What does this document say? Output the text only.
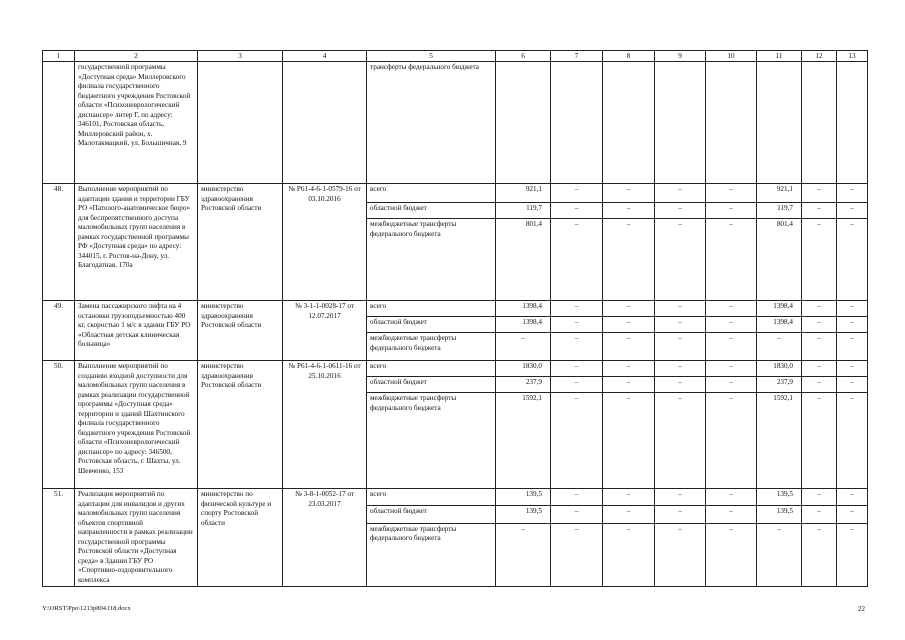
1	2	3	4	5	6	7	8	9	10	11	12	13
	государственной программы «Доступная среда» Миллеровского филиала государственного бюджетного учреждения Ростовской области «Психоневрологический диспансер» литер Г, по адресу: 346101, Ростовская область, Миллеровский район, х. Малотакмацкий, ул. Большичная, 9			трансферты федерального бюджета								
48.	Выполнение мероприятий по адаптации здания и территории ГБУ РО «Патолого-анатомическое бюро» для беспрепятственного доступа маломобильных групп населения в рамках государственной программы РФ «Доступная среда» по адресу: 344015, г. Ростов-на-Дону, ул. Благодатная, 170а	министерство здравоохранения Ростовской области	№ Р61-4-6-1-0579-16 от 03.10.2016	всего	921,1	–	–	–	–	921,1	–	–
				областной бюджет	119,7	–	–	–	–	119,7	–	–
				межбюджетные трансферты федерального бюджета	801,4	–	–	–	–	801,4	–	–
49.	Замена пассажирского лифта на 4 остановки грузоподъемностью 400 кг, скоростью 1 м/с в здании ГБУ РО «Областная детская клиническая больница»	министерство здравоохранения Ростовской области	№ 3-1-1-0028-17 от 12.07.2017	всего	1398,4	–	–	–	–	1398,4	–	–
				областной бюджет	1398,4	–	–	–	–	1398,4	–	–
				межбюджетные трансферты федерального бюджета	–	–	–	–	–	–	–	–
50.	Выполнение мероприятий по созданию входной доступности для маломобильных групп населения в рамках реализации государственной программы «Доступная среда» территории и зданий Шахтинского филиала государственного бюджетного учреждения Ростовской области «Психоневрологический диспансер» по адресу: 346500, Ростовская область, г. Шахты, ул. Шевченко, 153	министерство здравоохранения Ростовской области	№ Р61-4-6-1-0611-16 от 25.10.2016	всего	1830,0	–	–	–	–	1830,0	–	–
				областной бюджет	237,9	–	–	–	–	237,9	–	–
				межбюджетные трансферты федерального бюджета	1592,1	–	–	–	–	1592,1	–	–
51.	Реализация мероприятий по адаптации для инвалидов и других маломобильных групп населения объектов спортивной направленности в рамках реализации государственной программы Ростовской области «Доступная среда» в Здании ГБУ РО «Спортивно-оздоровительного комплекса	министерство по физической культуре и спорту Ростовской области	№ 3-8-1-0052-17 от 23.03.2017	всего	139,5	–	–	–	–	139,5	–	–
				областной бюджет	139,5	–	–	–	–	139,5	–	–
				межбюджетные трансферты федерального бюджета	–	–	–	–	–	–	–	–
Y:\ORST\Ppo\1213p804.f18.docx	22
